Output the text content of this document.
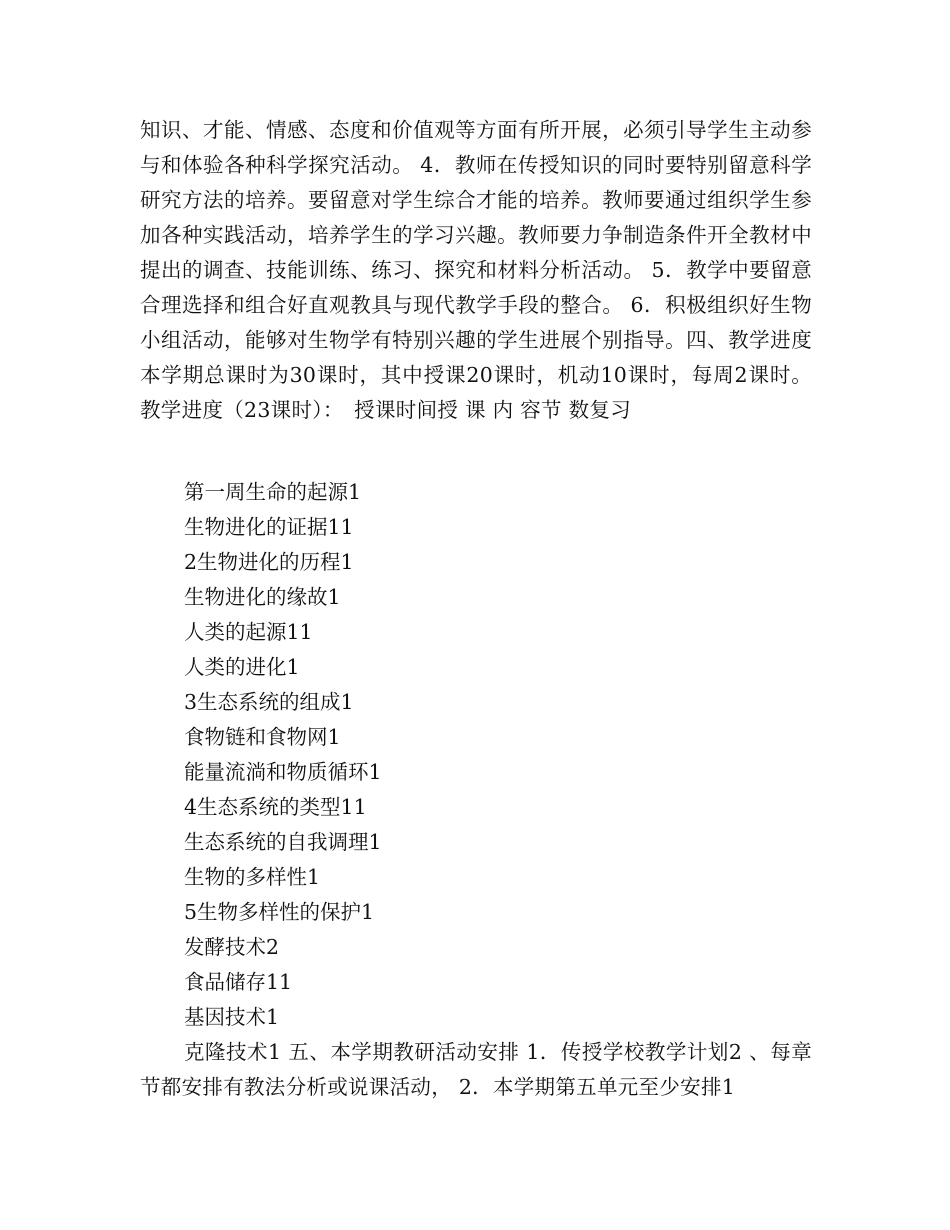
知识、才能、情感、态度和价值观等方面有所开展，必须引导学生主动参与和体验各种科学探究活动。 4．教师在传授知识的同时要特别留意科学研究方法的培养。要留意对学生综合才能的培养。教师要通过组织学生参加各种实践活动，培养学生的学习兴趣。教师要力争制造条件开全教材中提出的调查、技能训练、练习、探究和材料分析活动。 5．教学中要留意合理选择和组合好直观教具与现代教学手段的整合。 6．积极组织好生物小组活动，能够对生物学有特别兴趣的学生进展个别指导。四、教学进度本学期总课时为30课时，其中授课20课时，机动10课时，每周2课时。教学进度（23课时）：　授课时间授 课 内 容节 数复习

第一周生命的起源1
生物进化的证据11
2生物进化的历程1
生物进化的缘故1
人类的起源11
人类的进化1
3生态系统的组成1
食物链和食物网1
能量流淌和物质循环1
4生态系统的类型11
生态系统的自我调理1
生物的多样性1
5生物多样性的保护1
发酵技术2
食品储存11
基因技术1

克隆技术1 五、本学期教研活动安排 1．传授学校教学计划2 、每章节都安排有教法分析或说课活动， 2．本学期第五单元至少安排1
